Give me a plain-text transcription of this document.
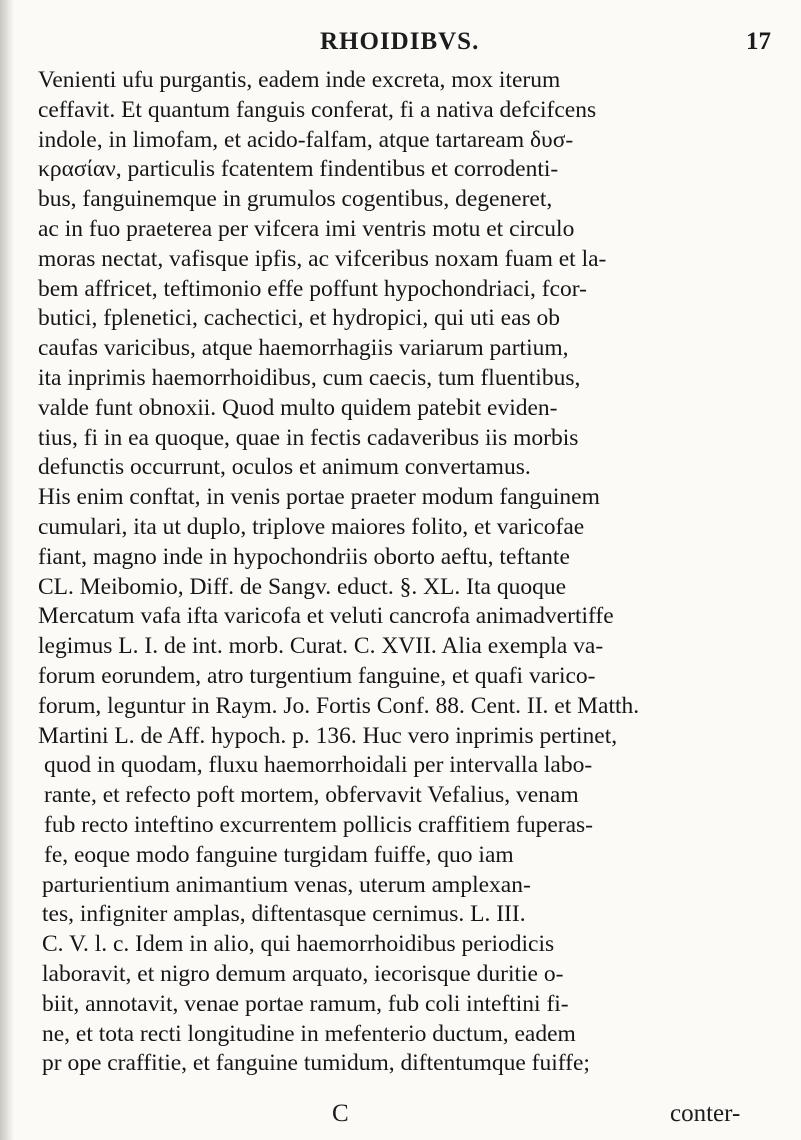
RHOIDIBVS.	17
Venienti ufu purgantis, eadem inde excreta, mox iterum
ceffavit. Et quantum fanguis conferat, fi a nativa defcifcens
indole, in limofam, et acido-falfam, atque tartaream δυσ-
κρασίαν, particulis fcatentem findentibus et corrodenti-
bus, fanguinemque in grumulos cogentibus, degeneret,
ac in fuo praeterea per vifcera imi ventris motu et circulo
moras nectat, vafisque ipfis, ac vifceribus noxam fuam et la-
bem affricet, teftimonio effe poffunt hypochondriaci, fcor-
butici, fplenetici, cachectici, et hydropici, qui uti eas ob
caufas varicibus, atque haemorrhagiis variarum partium,
ita inprimis haemorrhoidibus, cum caecis, tum fluentibus,
valde funt obnoxii. Quod multo quidem patebit eviden-
tius, fi in ea quoque, quae in fectis cadaveribus iis morbis
defunctis occurrunt, oculos et animum convertamus.
His enim conftat, in venis portae praeter modum fanguinem
cumulari, ita ut duplo, triplove maiores folito, et varicofae
fiant, magno inde in hypochondriis oborto aeftu, teftante
CL. Meibomio, Diff. de Sangv. educt. §. XL. Ita quoque
Mercatum vafa ifta varicofa et veluti cancrofa animadvertiffe
legimus L. I. de int. morb. Curat. C. XVII. Alia exempla va-
forum eorundem, atro turgentium fanguine, et quafi varico-
forum, leguntur in Raym. Jo. Fortis Conf. 88. Cent. II. et Matth.
Martini L. de Aff. hypoch. p. 136. Huc vero inprimis pertinet,
quod in quodam, fluxu haemorrhoidali per intervalla labo-
rante, et refecto poft mortem, obfervavit Vefalius, venam
fub recto inteftino excurrentem pollicis craffitiem fuperas-
fe, eoque modo fanguine turgidam fuiffe, quo iam
parturientium animantium venas, uterum amplexan-
tes, infigniter amplas, diftentasque cernimus. L. III.
C. V. l. c. Idem in alio, qui haemorrhoidibus periodicis
laboravit, et nigro demum arquato, iecorisque duritie o-
biit, annotavit, venae portae ramum, fub coli inteftini fi-
ne, et tota recti longitudine in mefenterio ductum, eadem
pr ope craffitie, et fanguine tumidum, diftentumque fuiffe;
C	conter-
